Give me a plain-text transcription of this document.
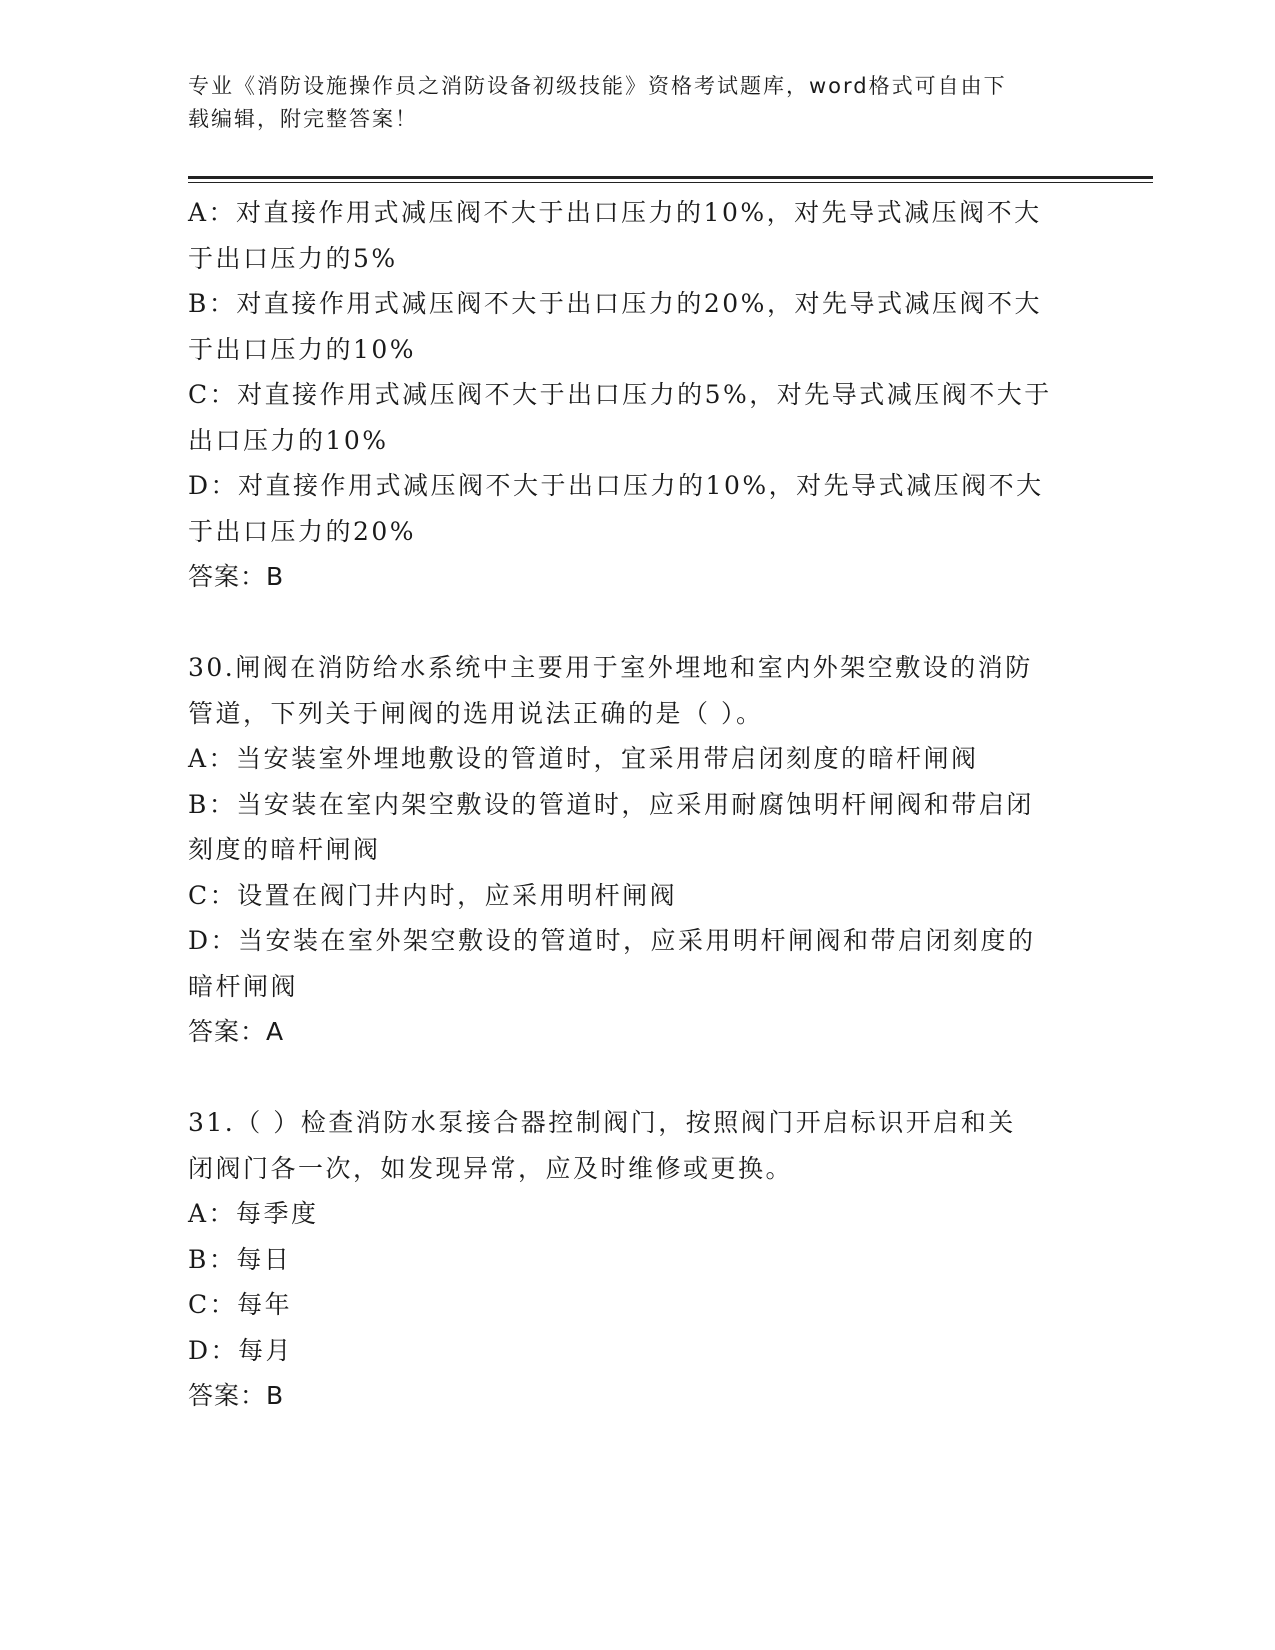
专业《消防设施操作员之消防设备初级技能》资格考试题库，word格式可自由下
载编辑，附完整答案！
A：对直接作用式减压阀不大于出口压力的10%，对先导式减压阀不大
于出口压力的5%
B：对直接作用式减压阀不大于出口压力的20%，对先导式减压阀不大
于出口压力的10%
C：对直接作用式减压阀不大于出口压力的5%，对先导式减压阀不大于
出口压力的10%
D：对直接作用式减压阀不大于出口压力的10%，对先导式减压阀不大
于出口压力的20%
答案：B
30.闸阀在消防给水系统中主要用于室外埋地和室内外架空敷设的消防
管道，下列关于闸阀的选用说法正确的是（ ）。
A：当安装室外埋地敷设的管道时，宜采用带启闭刻度的暗杆闸阀
B：当安装在室内架空敷设的管道时，应采用耐腐蚀明杆闸阀和带启闭
刻度的暗杆闸阀
C：设置在阀门井内时，应采用明杆闸阀
D：当安装在室外架空敷设的管道时，应采用明杆闸阀和带启闭刻度的
暗杆闸阀
答案：A
31.（ ）检查消防水泵接合器控制阀门，按照阀门开启标识开启和关
闭阀门各一次，如发现异常，应及时维修或更换。
A：每季度
B：每日
C：每年
D：每月
答案：B
